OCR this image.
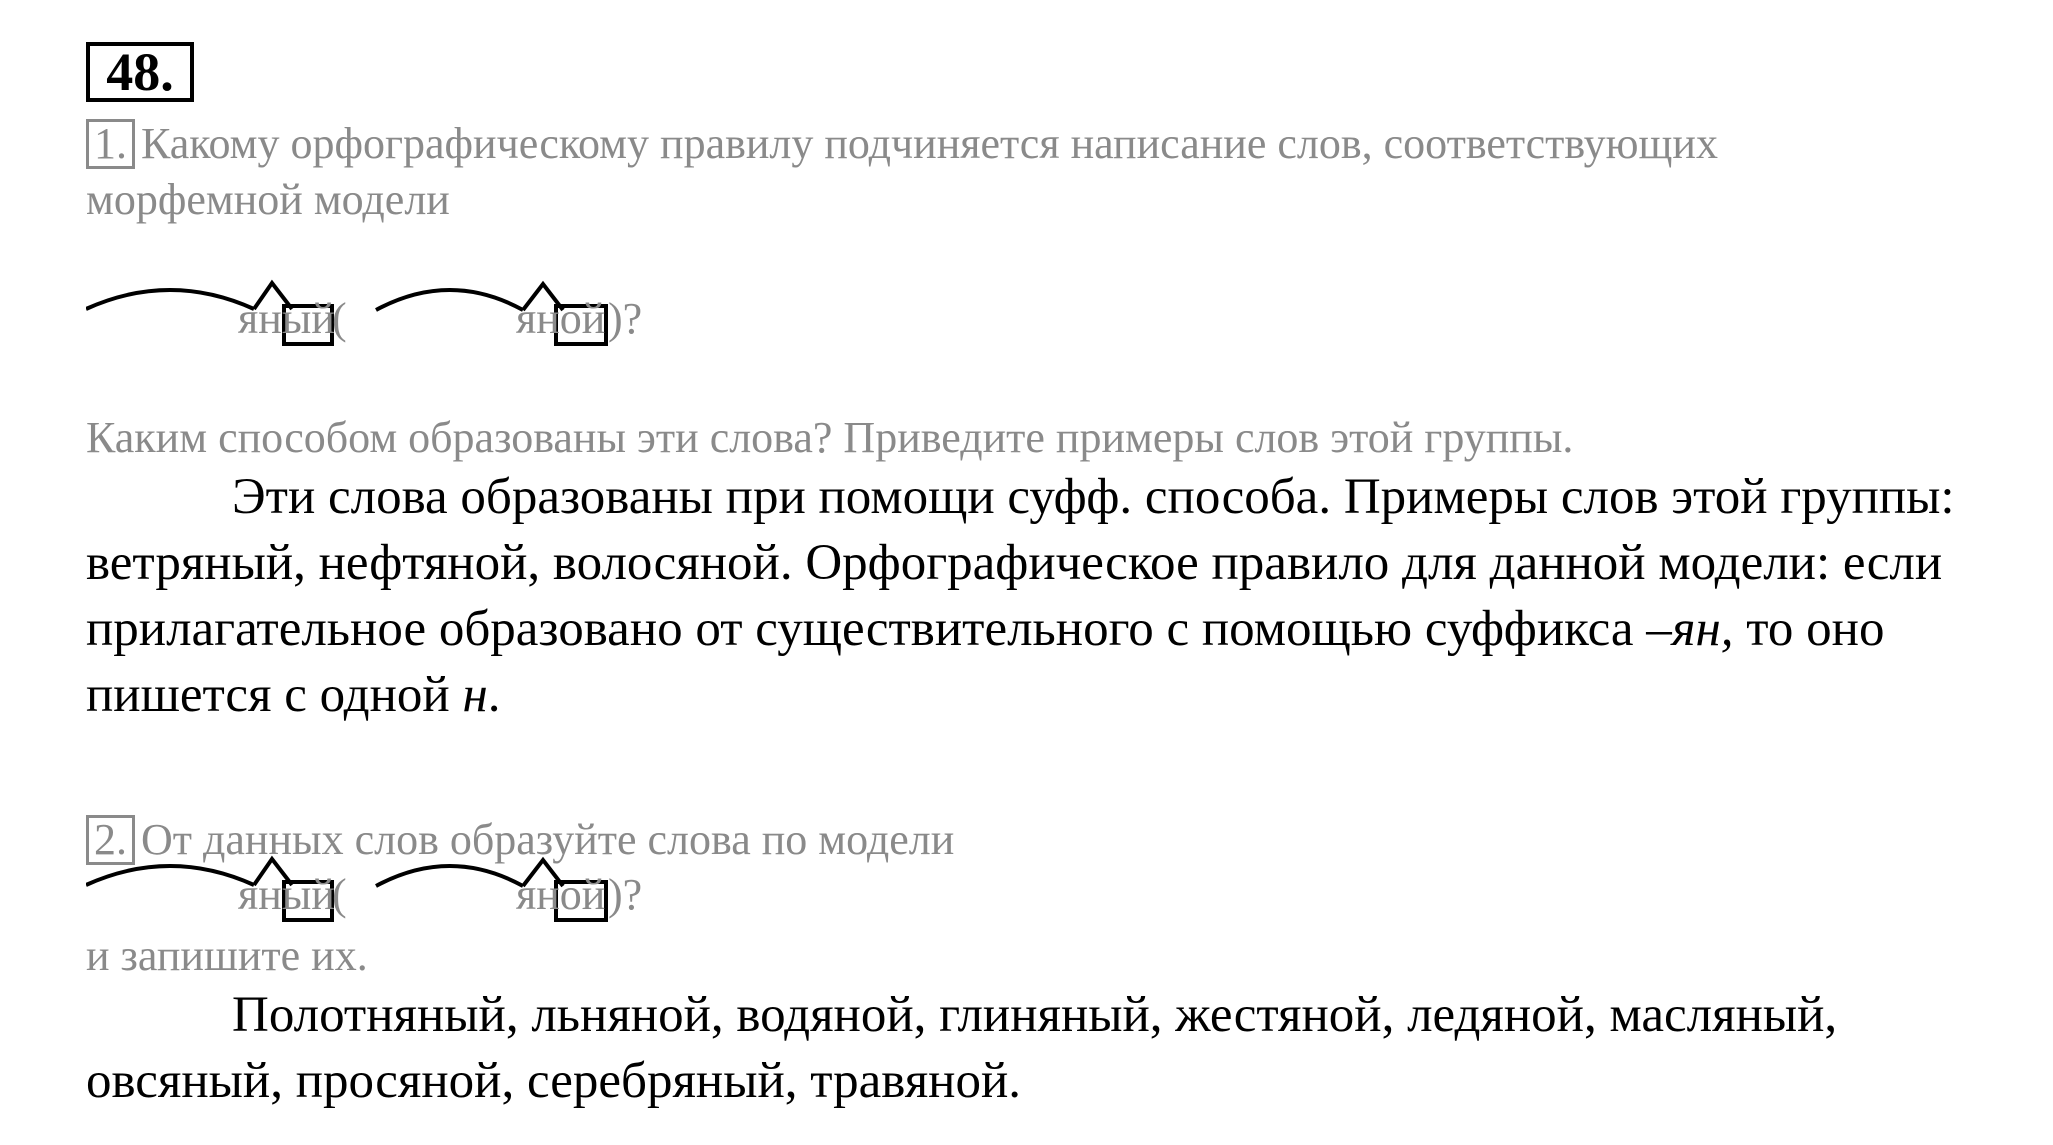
48.
1. Какому орфографическому правилу подчиняется написание слов, соответствующих
морфемной модели
яный
(	яной )?
Каким способом образованы эти слова? Приведите примеры слов этой группы.

Эти слова образованы при помощи суфф. способа. Примеры слов этой группы: ветряный, нефтяной, волосяной. Орфографическое правило для данной модели: если прилагательное образовано от существительного с помощью суффикса –ян, то оно пишется с одной н.

2. От данных слов образуйте слова по модели
яный
(	яной )?
и запишите их.

Полотняный, льняной, водяной, глиняный, жестяной, ледяной, масляный, овсяный, просяной, серебряный, травяной.
